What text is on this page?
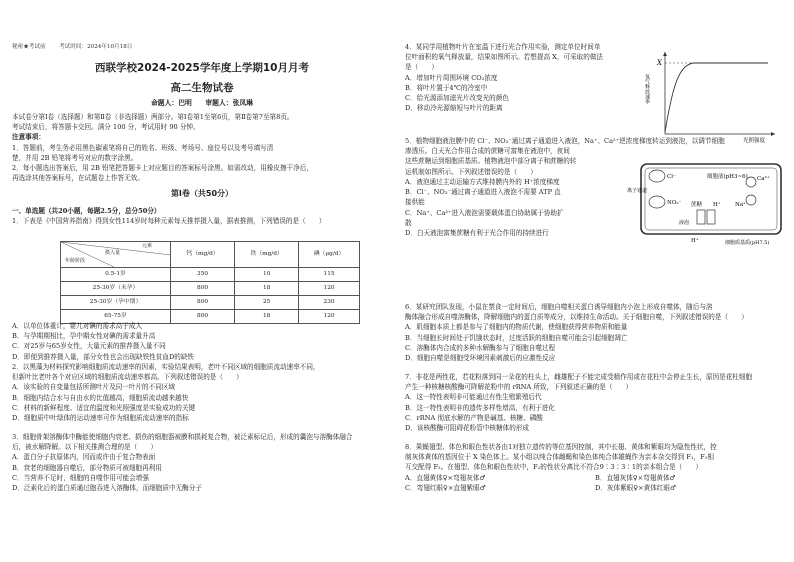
秘密★考试前 考试时间：2024年10月18日
西联学校2024-2025学年度上学期10月月考
高二生物试卷
命题人：巴明　　审题人：张凤琳
本试卷分第Ⅰ卷（选择题）和第Ⅱ卷（非选择题）两部分。第Ⅰ卷第1至第6页，第Ⅱ卷第7至第8页。
考试结束后，将答题卡交回。满分 100 分，考试用时 90 分钟。
注意事项：
1．答题前，考生务必用黑色碳素笔将自己的姓名、班级、考场号、座位号以及考号填写清
楚，并用 2B 铅笔将考号对应的数字涂黑。
2．每小题选出答案后，用 2B 铅笔把答题卡上对应题目的答案标号涂黑。如需改动，用橡皮擦干净后，
再选涂其他答案标号，在试题卷上作答无效。
第Ⅰ卷（共50分）
一、单选题（共20小题，每题2.5分，总分50分）
1．下表是《中国营养指南》得到女性114岁时每种元素每天推荐摄入量，据表推测，下列错误的是（　　）
元素
摄入量
年龄阶段	钙（mg/d）	铁（mg/d）	碘（μg/d）
0.5-1岁	350	10	115
25-30岁（未孕）	800	18	120
25-30岁（孕中期）	800	25	230
65-75岁	800	18	120
A．以单位体重计，婴儿对碘的需求高于成人
B．与孕期期相比，孕中期女性对碘的需求量升高
C．对25岁与65岁女性，大量元素的推荐摄入量不同
D．即便到推荐摄入量，部分女性也会出现缺铁性贫血D的缺铁
2．以黑藻为材料探究影响细胞质流动速率的因素，实验结果表明，老叶不同区域的细胞质流动速率不同，
但新叶比老叶各个对应区域的细胞质流动速率都高。下列叙述错误的是（　　）
A．该实验的自变量包括所测叶片及同一叶片的不同区域
B．细胞内结合水与自由水的比值越高，细胞质流动越来越快
C．材料的新鲜程度、适宜的温度和光照强度是实验成功的关键
D．细胞质中叶绿体的运动速率可作为细胞质流动速率的指标
3．细胞骨架溶酶体中酶能使细胞内衰老、损伤的细胞器被膜和损耗复合物，被泛素标记后，形成的囊泡与溶酶体融合
后，被水解降解。以下相关推测合理的是（　　）
A．蛋白分子抗原体内，因而或许由于复合物表面
B．衰老的细胞器自噬后，部分物质可被细胞再利用
C．当营养不足时，细胞的自噬作用可能会增强
D．泛素化后的蛋白质通过胞吞进入溶酶体，而细胞质中无酶分子
4．某同学用植物叶片在室温下进行光合作用实验，测定单位时间单
位叶面积的氧气释放量，结果如图所示。若想提高 X，可采取的做法
是（　　）
A．增加叶片周围环境 CO₂浓度
B．将叶片置于4℃的冷室中
C．给光源添加滤光片改变光的颜色
D．移动冷光源缩短与叶片的距离
X
氧气释放速率
光照强度
5．植物细胞液泡膜中的 Cl⁻、NO₃⁻通过离子通道进入液泡，Na⁺、Ca²⁺逆浓度梯度转运到液泡，以调节细胞
渗透压。白天光合作用合成的蔗糖可富集在液泡中，夜间
这些蔗糖运到细胞质基质。植物液泡中部分离子和蔗糖的转
运机制如图所示。下列叙述错误的是（　　）
A．液泡通过主动运输方式维持膜内外的 H⁺浓度梯度
B．Cl⁻、NO₃⁻通过离子通道进入液泡不需要 ATP 直
接供能
C．Na⁺、Ca²⁺进入液泡需要载体蛋白协助属于协助扩
散
D．白天液泡富集蔗糖有利于光合作用的持续进行
Cl⁻
NO₃⁻
离子通道
细胞液(pH3~6)
蔗糖 H⁺
H⁺
Ca²⁺
Na⁺
细胞质基质(pH7.5)
液泡
6．某研究团队发现，小鼠在禁食一定时间后，细胞自噬相关蛋白诱导细胞内小泡上形成自噬体，随后与溶
酶体融合形成自噬溶酶体，降解细胞内的蛋白质等成分，以维持生命活动。关于细胞自噬，下列叙述错误的是（　　）
A．肌细胞本质上都是参与了细胞内的物质代谢，使细胞获得营养物质和能量
B．当细胞长时间处于饥饿状态时，过度活跃的细胞自噬可能会引起细胞凋亡
C．溶酶体内合成的多种水解酶参与了细胞自噬过程
D．细胞自噬是细胞受环境因素刺激后的应激性反应
7．非花是两性花，若花粉落到同一朵花的柱头上，雌雄配子不能完成受精作用或在花柱中会停止生长，原因是花柱细胞
产生一种核糖核酸酶可降解花粉中的 rRNA 所致，下列叙述正确的是（　　）
A．这一特性表明非可能通过有性生殖繁殖后代
B．这一特性表明非的遗传多样性增高，有利于进化
C．rRNA 彻底水解的产物是碱基、核糖、磷酸
D．该核酸酶可阻碍花粉管中核糖体的形成
8．果蝇翅型、体色和眼色性状各由1对独立遗传的等位基因控制，其中长翅、黄体和紫眼均为隐性性状，控
制灰体黄体的基因位于 X 染色体上。某小组以纯合体雌蝇和染色体纯合体雄蝇作为亲本杂交得到 F₁，F₁相
互交配得 F₂。在翅型、体色和眼色性状中，F₂的性状分离比不符合9∶3∶3∶1的亲本组合是（　　）
A．直翅黄体♀×弯翅灰体♂	B．直翅灰体♀×弯翅黄体♂
C．弯翅红眼♀×直翅紫眼♂	D．灰体紫眼♀×黄体红眼♂
